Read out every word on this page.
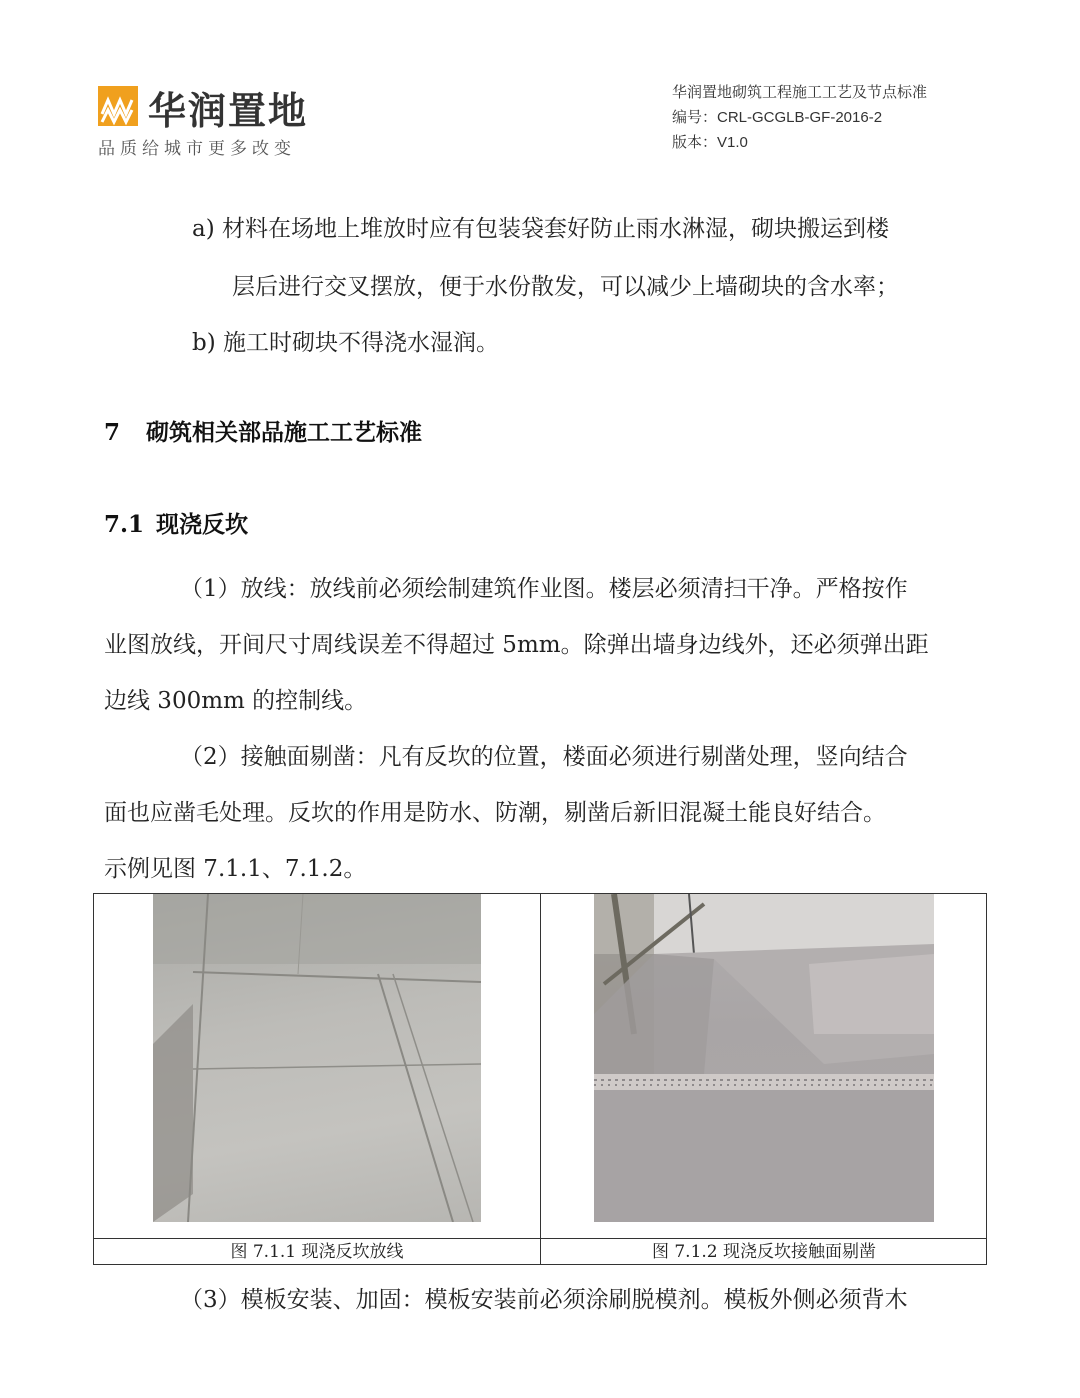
华润置地
品质给城市更多改变
华润置地砌筑工程施工工艺及节点标准
编号：CRL-GCGLB-GF-2016-2
版本：V1.0
a) 材料在场地上堆放时应有包装袋套好防止雨水淋湿，砌块搬运到楼
层后进行交叉摆放，便于水份散发，可以减少上墙砌块的含水率；
b) 施工时砌块不得浇水湿润。
7 砌筑相关部品施工工艺标准
7.1 现浇反坎
（1）放线：放线前必须绘制建筑作业图。楼层必须清扫干净。严格按作
业图放线，开间尺寸周线误差不得超过 5mm。除弹出墙身边线外，还必须弹出距
边线 300mm 的控制线。
（2）接触面剔凿：凡有反坎的位置，楼面必须进行剔凿处理，竖向结合
面也应凿毛处理。反坎的作用是防水、防潮，剔凿后新旧混凝土能良好结合。
示例见图 7.1.1、7.1.2。
图 7.1.1 现浇反坎放线	图 7.1.2 现浇反坎接触面剔凿
（3）模板安装、加固：模板安装前必须涂刷脱模剂。模板外侧必须背木
